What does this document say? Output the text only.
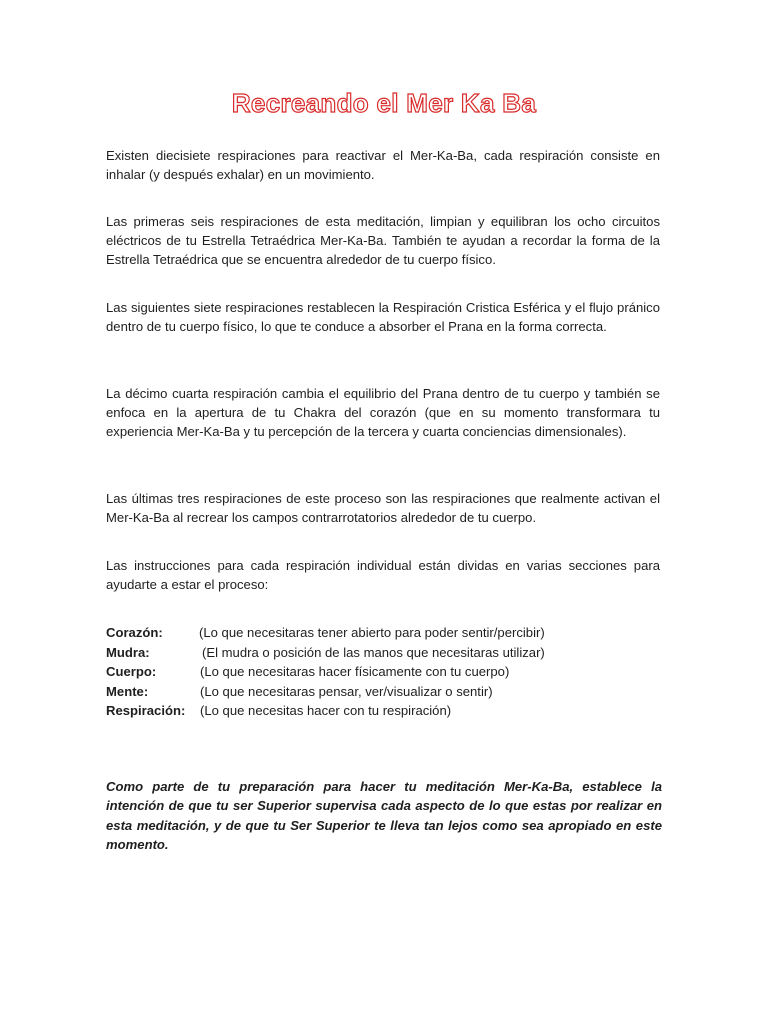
Recreando el Mer Ka Ba
Existen diecisiete respiraciones para reactivar el Mer-Ka-Ba, cada respiración consiste en inhalar (y después exhalar) en un movimiento.
Las primeras seis respiraciones de esta meditación, limpian y equilibran los ocho circuitos eléctricos de tu Estrella Tetraédrica Mer-Ka-Ba. También te ayudan a recordar la forma de la Estrella Tetraédrica que se encuentra alrededor de tu cuerpo físico.
Las siguientes siete respiraciones restablecen la Respiración Cristica Esférica y el flujo pránico dentro de tu cuerpo físico, lo que te conduce a absorber el Prana en la forma correcta.
La décimo cuarta respiración cambia el equilibrio del Prana dentro de tu cuerpo y también se enfoca en la apertura de tu Chakra del corazón (que en su momento transformara tu experiencia Mer-Ka-Ba y tu percepción de la tercera y cuarta conciencias dimensionales).
Las últimas tres respiraciones de este proceso son las respiraciones que realmente activan el Mer-Ka-Ba al recrear los campos contrarrotatorios alrededor de tu cuerpo.
Las instrucciones para cada respiración individual están dividas en varias secciones para ayudarte a estar el proceso:
Corazón:	(Lo que necesitaras tener abierto para poder sentir/percibir)
Mudra:	(El mudra o posición de las manos que necesitaras utilizar)
Cuerpo:	(Lo que necesitaras hacer físicamente con tu cuerpo)
Mente:	(Lo que necesitaras pensar, ver/visualizar o sentir)
Respiración:	(Lo que necesitas hacer con tu respiración)
Como parte de tu preparación para hacer tu meditación Mer-Ka-Ba, establece la intención de que tu ser Superior supervisa cada aspecto de lo que estas por realizar en esta meditación, y de que tu Ser Superior te lleva tan lejos como sea apropiado en este momento.
